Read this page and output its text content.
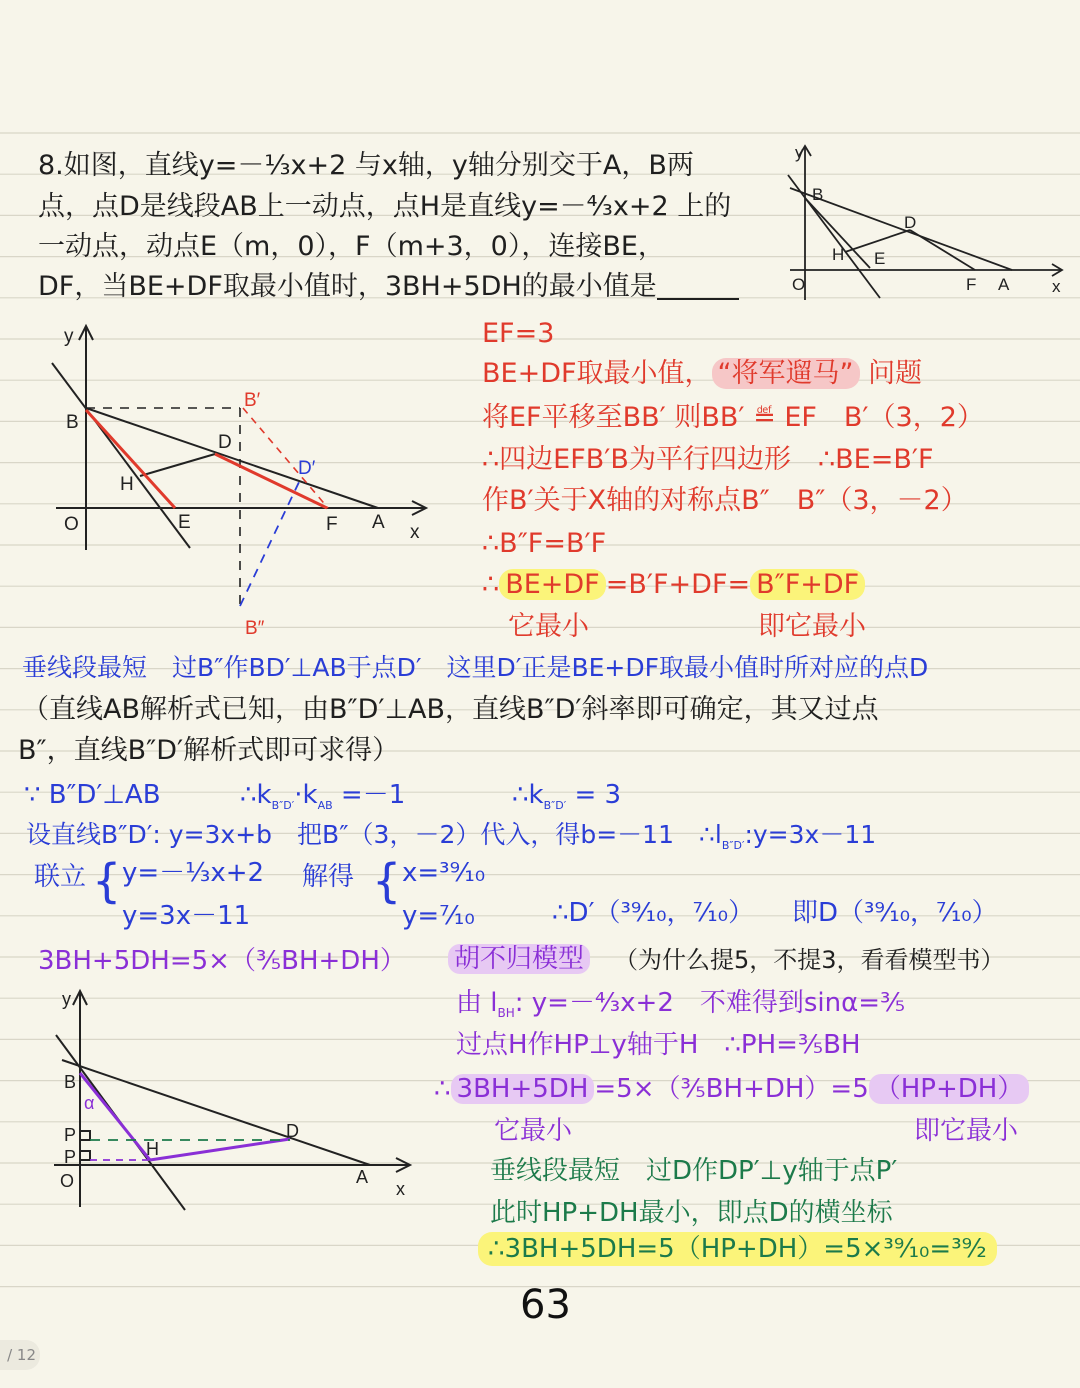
8.如图，直线y=－⅓x+2 与x轴，y轴分别交于A，B两
点，点D是线段AB上一动点，点H是直线y=－⁴⁄₃x+2 上的
一动点，动点E（m，0），F（m+3，0），连接BE，
DF，当BE+DF取最小值时，3BH+5DH的最小值是
y
x
O
B
D
H E
F A
y
x
O
B
D
H
E	F A
B′
D′
B″
EF=3
BE+DF取最小值， “将军遛马” 问题
将EF平移至BB′ 则BB′ ≝ EF　B′（3，2）
∴四边EFB′B为平行四边形　∴BE=B′F
作B′关于X轴的对称点B″　B″（3，－2）
∴B″F=B′F
∴ BE+DF =B′F+DF= B″F+DF
它最小	即它最小
垂线段最短　过B″作BD′⊥AB于点D′　这里D′正是BE+DF取最小值时所对应的点D
（直线AB解析式已知，由B″D′⊥AB，直线B″D′斜率即可确定，其又过点
B″，直线B″D′解析式即可求得）
∵ B″D′⊥AB	$\therefore k_{B''D'}\cdot k_{AB} =-1$	$\therefore k_{B''D'} = 3$
设直线B″D′: y=3x+b　把B″（3，－2）代入，得b=－11　$\therefore l_{B''D'}:y=3x-11$
联立 { y=－⅓x+2
y=3x－11
解得 { x=³⁹⁄₁₀
y=⁷⁄₁₀	∴D′（³⁹⁄₁₀，⁷⁄₁₀） 即D（³⁹⁄₁₀，⁷⁄₁₀）
3BH+5DH=5×（³⁄₅BH+DH） 胡不归模型 （为什么提5，不提3，看看模型书）
由 $l_{BH}$: y=－⁴⁄₃x+2　不难得到sinα=³⁄₅
过点H作HP⊥y轴于H　∴PH=³⁄₅BH
∴ 3BH+5DH =5×（³⁄₅BH+DH）=5 （HP+DH）
它最小	即它最小
垂线段最短　过D作DP′⊥y轴于点P′
此时HP+DH最小，即点D的横坐标
∴3BH+5DH=5（HP+DH）=5×³⁹⁄₁₀=³⁹⁄₂
y
x
O
B
P
P	H
D
A
α
63
/ 12
